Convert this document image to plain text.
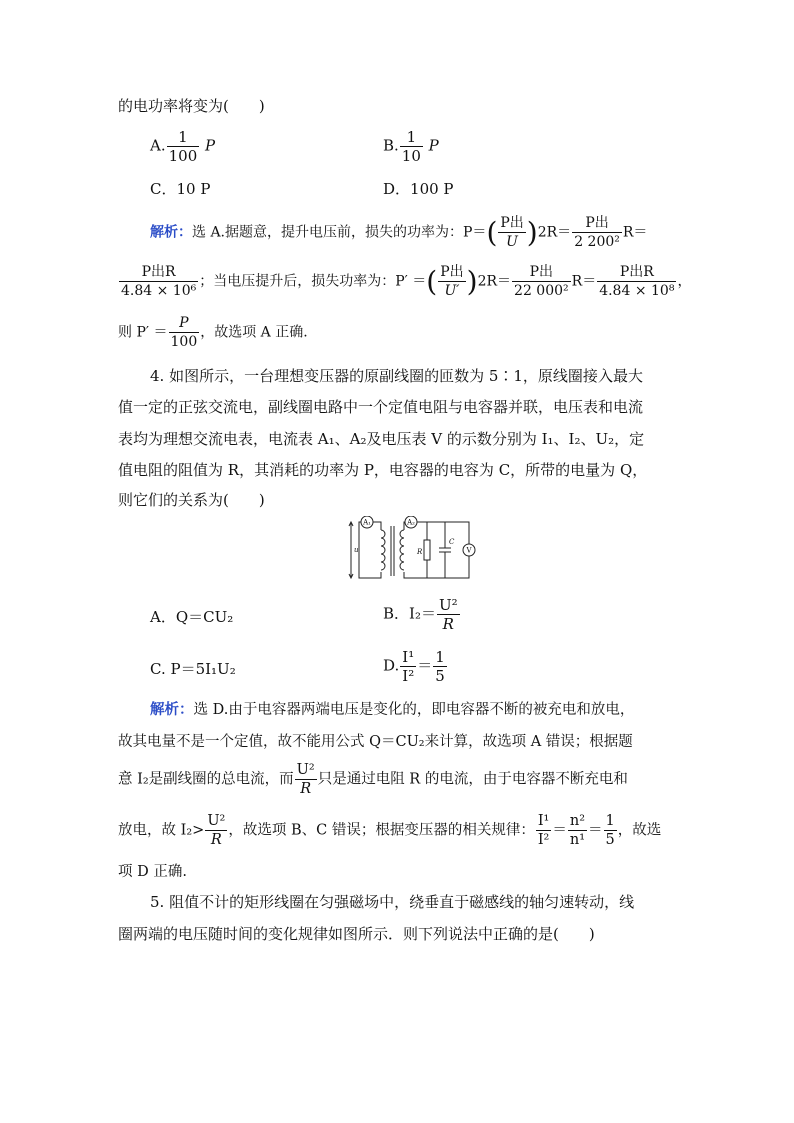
的电功率将变为(　　)
A. $\frac{1}{100}$ P	B. $\frac{1}{10}$ P
C．10 P	D．100 P
解析：选 A.据题意，提升电压前，损失的功率为：$P=( \frac{\text{P出}}{U} )2R= \frac{\text{P出}}{\text{2 200²}} R=$
$\frac{\text{P出R}}{\text{4.84 × 10⁶}}$ ；当电压提升后，损失功率为：P′ ＝( $\frac{\text{P出}}{U'} )2R= \frac{\text{P出}}{\text{22 000²}} R= \frac{\text{P出R}}{\text{4.84 × 10⁸}}$ ，
则 $P' = \frac{P}{100}$ ，故选项 A 正确.
4. 如图所示，一台理想变压器的原副线圈的匝数为 5∶1，原线圈接入最大
值一定的正弦交流电，副线圈电路中一个定值电阻与电容器并联，电压表和电流
表均为理想交流电表，电流表 A₁、A₂及电压表 V 的示数分别为 I₁、I₂、U₂，定
值电阻的阻值为 R，其消耗的功率为 P，电容器的电容为 C，所带的电量为 Q，
则它们的关系为(　　)
A₁	A₂
V
u	R
C
A．Q＝CU₂	B．$I_2= \frac{\text{U²}}{R}$
C. P＝5I₁U₂	D. $\frac{\text{I¹}}{\text{I²}} = \frac{1}{5}$
解析：选 D.由于电容器两端电压是变化的，即电容器不断的被充电和放电，
故其电量不是一个定值，故不能用公式 Q＝CU₂来计算，故选项 A 错误；根据题
意 I₂是副线圈的总电流，而 $\frac{\text{U²}}{R}$ 只是通过电阻 R 的电流，由于电容器不断充电和
放电，故 $I_2> \frac{\text{U²}}{R}$ ，故选项 B、C 错误；根据变压器的相关规律： $\frac{\text{I¹}}{\text{I²}} = \frac{\text{n²}}{\text{n¹}} = \frac{1}{5}$ ，故选
项 D 正确.
5. 阻值不计的矩形线圈在匀强磁场中，绕垂直于磁感线的轴匀速转动，线
圈两端的电压随时间的变化规律如图所示．则下列说法中正确的是(　　)
